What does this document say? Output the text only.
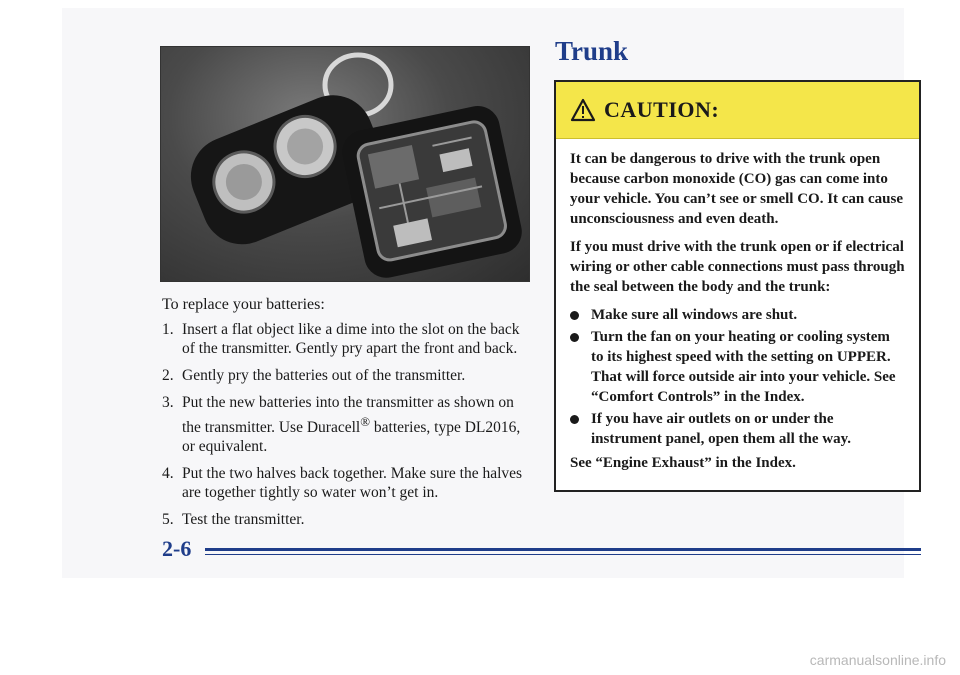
To replace your batteries:

1. Insert a flat object like a dime into the slot on the back of the transmitter. Gently pry apart the front and back.
2. Gently pry the batteries out of the transmitter.
3. Put the new batteries into the transmitter as shown on the transmitter. Use Duracell® batteries, type DL2016, or equivalent.
4. Put the two halves back together. Make sure the halves are together tightly so water won’t get in.
5. Test the transmitter.
Trunk
CAUTION:

It can be dangerous to drive with the trunk open because carbon monoxide (CO) gas can come into your vehicle. You can’t see or smell CO. It can cause unconsciousness and even death.

If you must drive with the trunk open or if electrical wiring or other cable connections must pass through the seal between the body and the trunk:

Make sure all windows are shut.
Turn the fan on your heating or cooling system to its highest speed with the setting on UPPER. That will force outside air into your vehicle. See “Comfort Controls” in the Index.
If you have air outlets on or under the instrument panel, open them all the way.

See “Engine Exhaust” in the Index.

2-6

carmanualsonline.info
